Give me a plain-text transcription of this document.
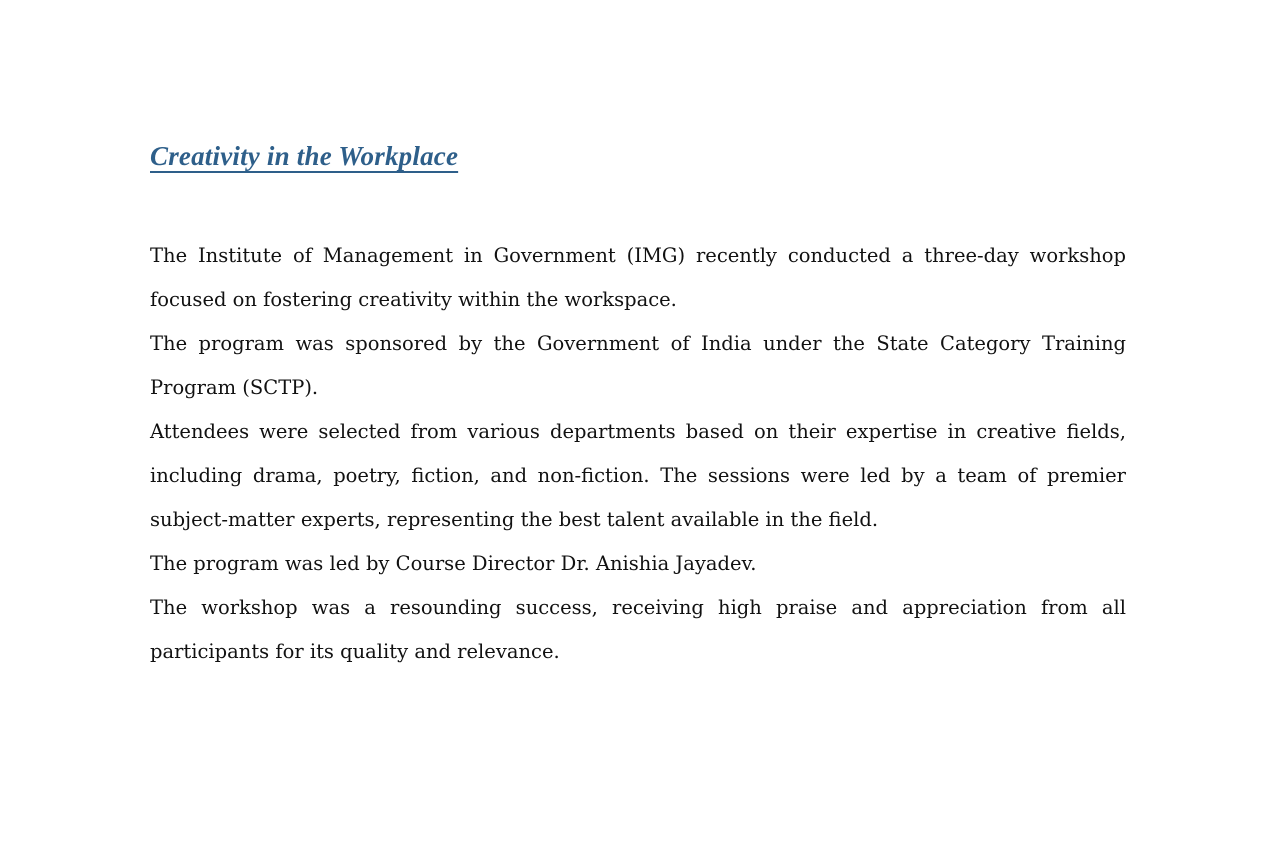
Creativity in the Workplace

The Institute of Management in Government (IMG) recently conducted a three-day workshop focused on fostering creativity within the workspace.

The program was sponsored by the Government of India under the State Category Training Program (SCTP).

Attendees were selected from various departments based on their expertise in creative fields, including drama, poetry, fiction, and non-fiction. The sessions were led by a team of premier subject-matter experts, representing the best talent available in the field.

The program was led by Course Director Dr. Anishia Jayadev.

The workshop was a resounding success, receiving high praise and appreciation from all participants for its quality and relevance.
